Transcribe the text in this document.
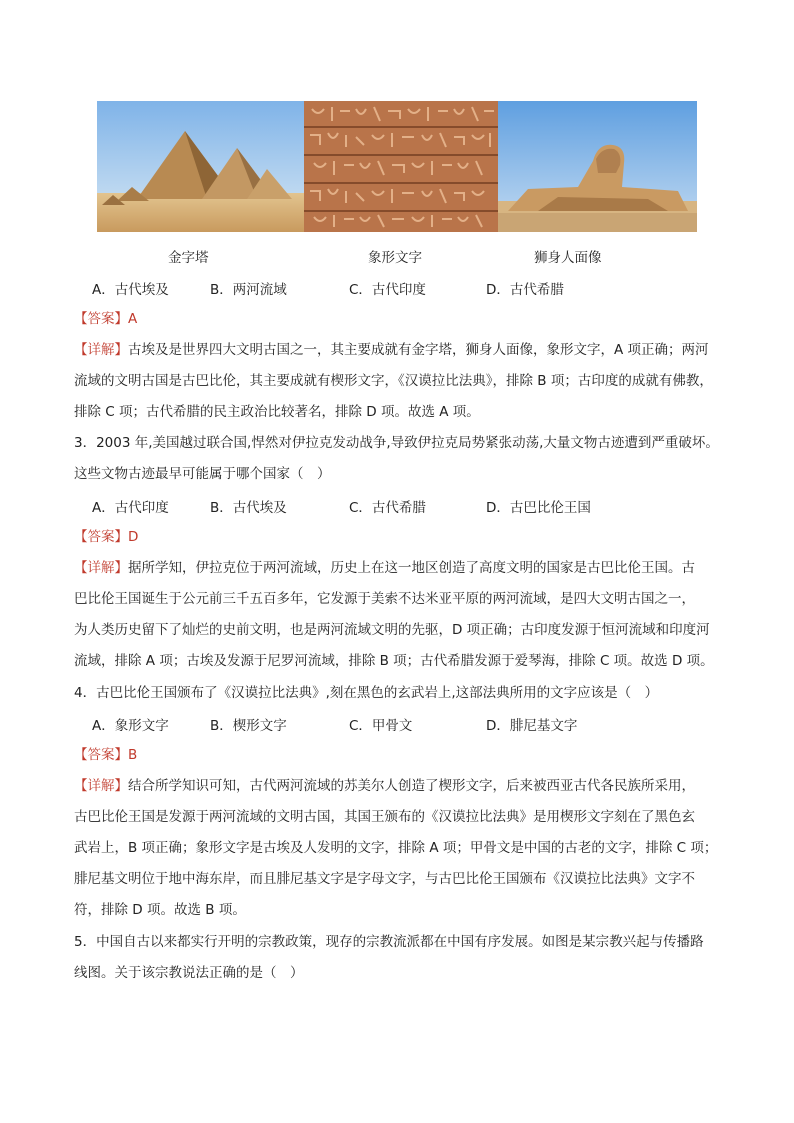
金字塔	象形文字	狮身人面像
A．古代埃及	B．两河流域	C．古代印度	D．古代希腊
【答案】A
【详解】古埃及是世界四大文明古国之一，其主要成就有金字塔，狮身人面像，象形文字，A 项正确；两河
流域的文明古国是古巴比伦，其主要成就有楔形文字，《汉谟拉比法典》，排除 B 项；古印度的成就有佛教，
排除 C 项；古代希腊的民主政治比较著名，排除 D 项。故选 A 项。
3．2003 年,美国越过联合国,悍然对伊拉克发动战争,导致伊拉克局势紧张动荡,大量文物古迹遭到严重破坏。
这些文物古迹最早可能属于哪个国家（　）
A．古代印度	B．古代埃及	C．古代希腊	D．古巴比伦王国
【答案】D
【详解】据所学知，伊拉克位于两河流域，历史上在这一地区创造了高度文明的国家是古巴比伦王国。古
巴比伦王国诞生于公元前三千五百多年，它发源于美索不达米亚平原的两河流域，是四大文明古国之一，
为人类历史留下了灿烂的史前文明，也是两河流域文明的先驱，D 项正确；古印度发源于恒河流域和印度河
流域，排除 A 项；古埃及发源于尼罗河流域，排除 B 项；古代希腊发源于爱琴海，排除 C 项。故选 D 项。
4．古巴比伦王国颁布了《汉谟拉比法典》,刻在黑色的玄武岩上,这部法典所用的文字应该是（　）
A．象形文字	B．楔形文字	C．甲骨文	D．腓尼基文字
【答案】B
【详解】结合所学知识可知，古代两河流域的苏美尔人创造了楔形文字，后来被西亚古代各民族所采用，
古巴比伦王国是发源于两河流域的文明古国，其国王颁布的《汉谟拉比法典》是用楔形文字刻在了黑色玄
武岩上，B 项正确；象形文字是古埃及人发明的文字，排除 A 项；甲骨文是中国的古老的文字，排除 C 项；
腓尼基文明位于地中海东岸，而且腓尼基文字是字母文字，与古巴比伦王国颁布《汉谟拉比法典》文字不
符，排除 D 项。故选 B 项。
5．中国自古以来都实行开明的宗教政策，现存的宗教流派都在中国有序发展。如图是某宗教兴起与传播路
线图。关于该宗教说法正确的是（　）
